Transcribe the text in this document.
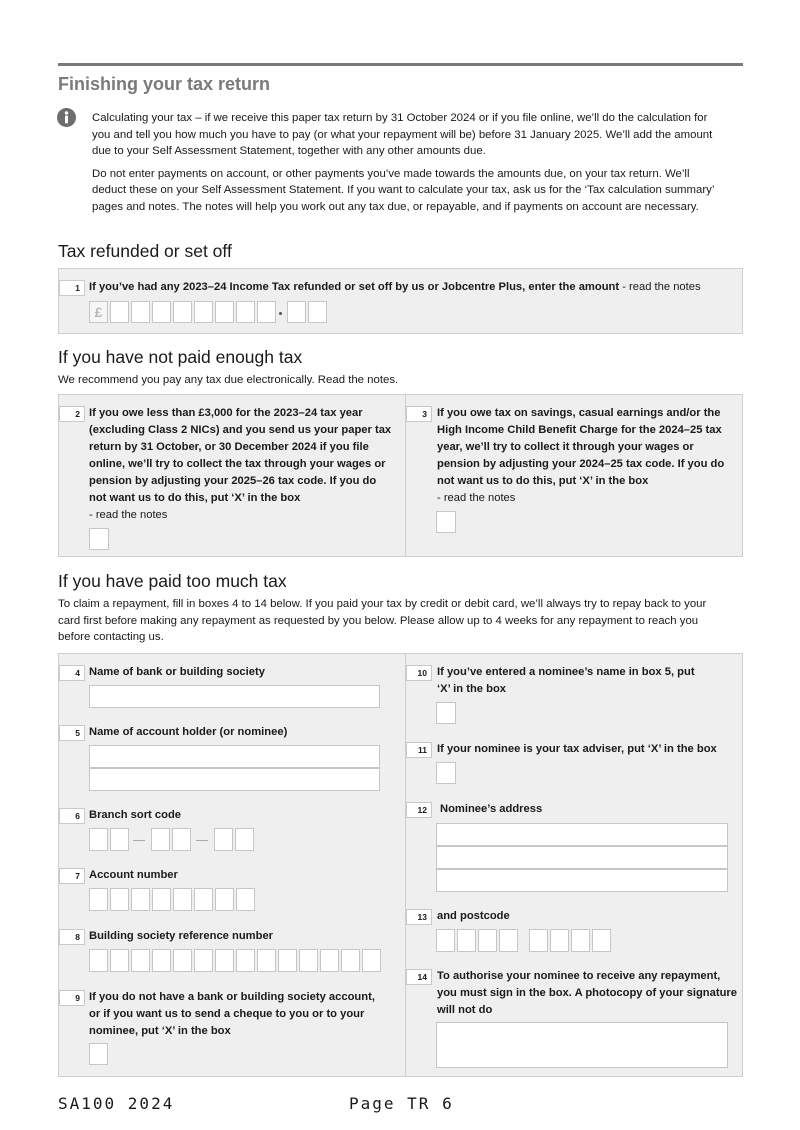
Finishing your tax return

Calculating your tax – if we receive this paper tax return by 31 October 2024 or if you file online, we’ll do the calculation for you and tell you how much you have to pay (or what your repayment will be) before 31 January 2025. We’ll add the amount due to your Self Assessment Statement, together with any other amounts due.

Do not enter payments on account, or other payments you’ve made towards the amounts due, on your tax return. We’ll deduct these on your Self Assessment Statement. If you want to calculate your tax, ask us for the ‘Tax calculation summary’ pages and notes. The notes will help you work out any tax due, or repayable, and if payments on account are necessary.

Tax refunded or set off
1 If you’ve had any 2023–24 Income Tax refunded or set off by us or Jobcentre Plus, enter the amount - read the notes
£
If you have not paid enough tax

We recommend you pay any tax due electronically. Read the notes.

2 If you owe less than £3,000 for the 2023–24 tax year (excluding Class 2 NICs) and you send us your paper tax return by 31 October, or 30 December 2024 if you file online, we’ll try to collect the tax through your wages or pension by adjusting your 2025–26 tax code. If you do not want us to do this, put ‘X’ in the box
- read the notes
3 If you owe tax on savings, casual earnings and/or the High Income Child Benefit Charge for the 2024–25 tax year, we’ll try to collect it through your wages or pension by adjusting your 2024–25 tax code. If you do not want us to do this, put ‘X’ in the box
- read the notes
If you have paid too much tax

To claim a repayment, fill in boxes 4 to 14 below. If you paid your tax by credit or debit card, we’ll always try to repay back to your card first before making any repayment as requested by you below. Please allow up to 4 weeks for any repayment to reach you before contacting us.

4 Name of bank or building society
5 Name of account holder (or nominee)
6 Branch sort code
7 Account number
8 Building society reference number
9 If you do not have a bank or building society account, or if you want us to send a cheque to you or to your nominee, put ‘X’ in the box
10 If you’ve entered a nominee’s name in box 5, put ‘X’ in the box
11 If your nominee is your tax adviser, put ‘X’ in the box
12	Nominee’s address
13 and postcode
14 To authorise your nominee to receive any repayment, you must sign in the box. A photocopy of your signature will not do
SA100 2024	Page TR 6
